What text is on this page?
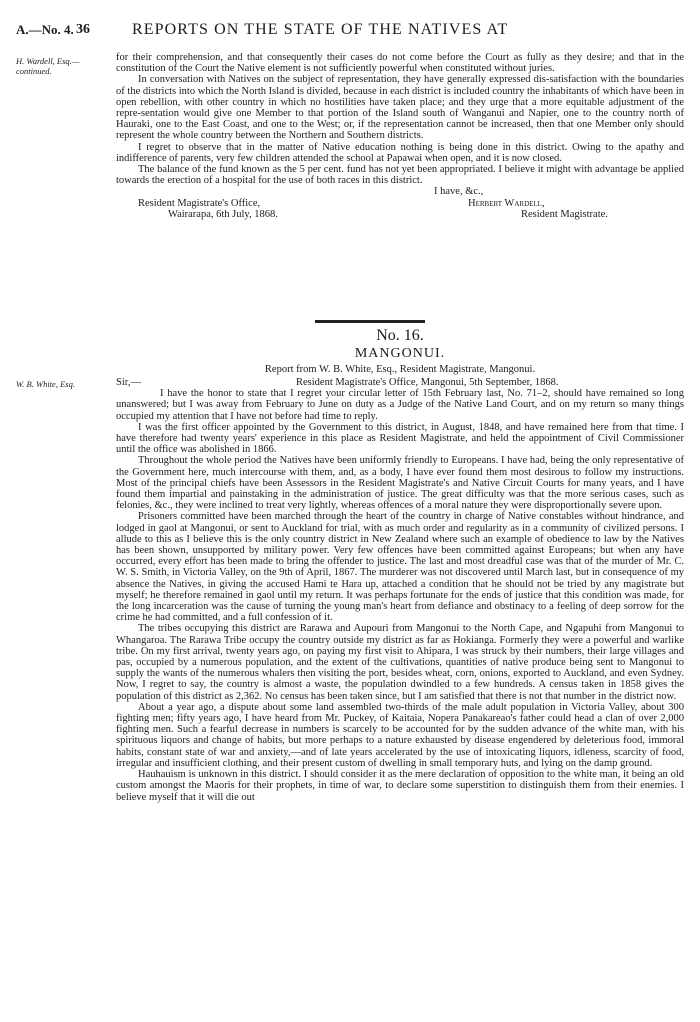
A.—No. 4. 36	REPORTS ON THE STATE OF THE NATIVES AT
H. Wardell, Esq.—
continued.

for their comprehension, and that consequently their cases do not come before the Court as fully as they desire; and that in the constitution of the Court the Native element is not sufficiently powerful when constituted without juries.

In conversation with Natives on the subject of representation, they have generally expressed dis-satisfaction with the boundaries of the districts into which the North Island is divided, because in each district is included country the inhabitants of which have been in open rebellion, with other country in which no hostilities have taken place; and they urge that a more equitable adjustment of the repre-sentation would give one Member to that portion of the Island south of Wanganui and Napier, one to the country north of Hauraki, one to the East Coast, and one to the West; or, if the representation cannot be increased, then that one Member only should represent the whole country between the Northern and Southern districts.

I regret to observe that in the matter of Native education nothing is being done in this district. Owing to the apathy and indifference of parents, very few children attended the school at Papawai when open, and it is now closed.

The balance of the fund known as the 5 per cent. fund has not yet been appropriated. I believe it might with advantage be applied towards the erection of a hospital for the use of both races in this district.

I have, &c.,
Resident Magistrate's Office,	Herbert Wardell,
Wairarapa, 6th July, 1868.	Resident Magistrate.
No. 16.
MANGONUI.
Report from W. B. White, Esq., Resident Magistrate, Mangonui.
W. B. White, Esq.	Sir,—	Resident Magistrate's Office, Mangonui, 5th September, 1868.

I have the honor to state that I regret your circular letter of 15th February last, No. 71–2, should have remained so long unanswered; but I was away from February to June on duty as a Judge of the Native Land Court, and on my return so many things occupied my attention that I have not before had time to reply.

I was the first officer appointed by the Government to this district, in August, 1848, and have remained here from that time. I have therefore had twenty years' experience in this place as Resident Magistrate, and held the appointment of Civil Commissioner until the office was abolished in 1866.

Throughout the whole period the Natives have been uniformly friendly to Europeans. I have had, being the only representative of the Government here, much intercourse with them, and, as a body, I have ever found them most desirous to follow my instructions. Most of the principal chiefs have been Assessors in the Resident Magistrate's and Native Circuit Courts for many years, and I have found them impartial and painstaking in the administration of justice. The great difficulty was that the more serious cases, such as felonies, &c., they were inclined to treat very lightly, whereas offences of a moral nature they were disproportionally severe upon.

Prisoners committed have been marched through the heart of the country in charge of Native constables without hindrance, and lodged in gaol at Mangonui, or sent to Auckland for trial, with as much order and regularity as in a community of civilized persons. I allude to this as I believe this is the only country district in New Zealand where such an example of obedience to law by the Natives has been shown, unsupported by military power. Very few offences have been committed against Europeans; but when any have occurred, every effort has been made to bring the offender to justice. The last and most dreadful case was that of the murder of Mr. C. W. S. Smith, in Victoria Valley, on the 9th of April, 1867. The murderer was not discovered until March last, but in consequence of my absence the Natives, in giving the accused Hami te Hara up, attached a condition that he should not be tried by any magistrate but myself; he therefore remained in gaol until my return. It was perhaps fortunate for the ends of justice that this condition was made, for the long incarceration was the cause of turning the young man's heart from defiance and obstinacy to a feeling of deep sorrow for the crime he had committed, and a full confession of it.

The tribes occupying this district are Rarawa and Aupouri from Mangonui to the North Cape, and Ngapuhi from Mangonui to Whangaroa. The Rarawa Tribe occupy the country outside my district as far as Hokianga. Formerly they were a powerful and warlike tribe. On my first arrival, twenty years ago, on paying my first visit to Ahipara, I was struck by their numbers, their large villages and pas, occupied by a numerous population, and the extent of the cultivations, quantities of native produce being sent to Mangonui to supply the wants of the numerous whalers then visiting the port, besides wheat, corn, onions, exported to Auckland, and even Sydney. Now, I regret to say, the country is almost a waste, the population dwindled to a few hundreds. A census taken in 1858 gives the population of this district as 2,362. No census has been taken since, but I am satisfied that there is not that number in the district now.

About a year ago, a dispute about some land assembled two-thirds of the male adult population in Victoria Valley, about 300 fighting men; fifty years ago, I have heard from Mr. Puckey, of Kaitaia, Nopera Panakareao's father could head a clan of over 2,000 fighting men. Such a fearful decrease in numbers is scarcely to be accounted for by the sudden advance of the white man, with his spirituous liquors and change of habits, but more perhaps to a nature exhausted by disease engendered by deleterious food, immoral habits, constant state of war and anxiety,—and of late years accelerated by the use of intoxicating liquors, idleness, scarcity of food, irregular and insufficient clothing, and their present custom of dwelling in small temporary huts, and lying on the damp ground.

Hauhauism is unknown in this district. I should consider it as the mere declaration of opposition to the white man, it being an old custom amongst the Maoris for their prophets, in time of war, to declare some superstition to distinguish them from their enemies. I believe myself that it will die out
